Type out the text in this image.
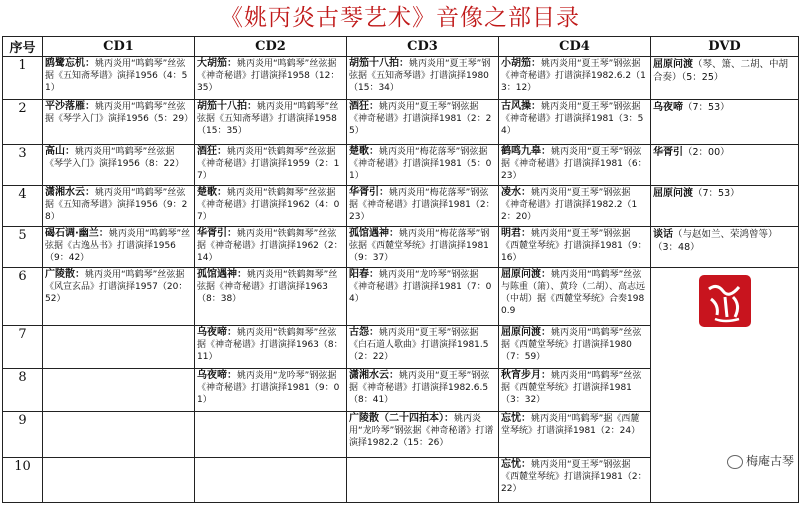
《姚丙炎古琴艺术》音像之部目录
序号	CD1	CD2	CD3	CD4	DVD
1	鸥鹭忘机：姚丙炎用“鸣鹤琴”丝弦据《五知斋琴谱》演择1956（4：51）	大胡笳：姚丙炎用“鸣鹤琴”丝弦据《神奇秘谱》打谱演择1958（12：35）	胡笳十八拍：姚丙炎用“夏王琴”钢弦据《五知斋琴谱》打谱演择1980（15：34）	小胡笳：姚丙炎用“夏王琴”钢弦据《神奇秘谱》打谱演择1982.6.2（13：12）	屈原问渡（琴、箫、二胡、中胡合奏）（5：25）

2	平沙落雁：姚丙炎用“鸣鹤琴”丝弦据《琴学入门》演择1956（5：29）	胡笳十八拍：姚丙炎用“鸣鹤琴”丝弦据《五知斋琴谱》打谱演择1958（15：35）	酒狂：姚丙炎用“夏王琴”钢弦据《神奇秘谱》打谱演择1981（2：25）	古风操：姚丙炎用“夏王琴”钢弦据《神奇秘谱》打谱演择1981（3：54）	乌夜啼（7：53）

3	高山：姚丙炎用“鸣鹤琴”丝弦据《琴学入门》演择1956（8：22）	酒狂：姚丙炎用“铁鹤舞琴”丝弦据《神奇秘谱》打谱演择1959（2：17）	楚歌：姚丙炎用“梅花落琴”钢弦据《神奇秘谱》打谱演择1981（5：01）	鹤鸣九皋：姚丙炎用“夏王琴”钢弦据《神奇秘谱》打谱演择1981（6：23）	华胥引（2：00）

4	潇湘水云：姚丙炎用“鸣鹤琴”丝弦据《五知斋琴谱》演择1956（9：28）	楚歌：姚丙炎用“铁鹤舞琴”丝弦据《神奇秘谱》打谱演择1962（4：07）	华胥引：姚丙炎用“梅花落琴”钢弦据《神奇秘谱》打谱演择1981（2：23）	凌水：姚丙炎用“夏王琴”钢弦据《神奇秘谱》打谱演择1982.2（12：20）	屈原问渡（7：53）

5	碣石调·幽兰：姚丙炎用“鸣鹤琴”丝弦据《古逸丛书》打谱演择1956（9：42）	华胥引：姚丙炎用“铁鹤舞琴”丝弦据《神奇秘谱》打谱演择1962（2：14）	孤馆遇神：姚丙炎用“梅花落琴”钢弦据《西麓堂琴统》打谱演择1981（9：37）	明君：姚丙炎用“夏王琴”钢弦据《西麓堂琴统》打谱演择1981（9：16）	谈话（与赵如兰、荣鸿曾等）（3：48）

6	广陵散：姚丙炎用“鸣鹤琴”丝弦据《风宣玄品》打谱演择1957（20：52）	孤馆遇神：姚丙炎用“铁鹤舞琴”丝弦据《神奇秘谱》打谱演择1963（8：38）	阳春：姚丙炎用“龙吟琴”钢弦据《神奇秘谱》打谱演择1981（7：04）	屈原问渡：姚丙炎用“鸣鹤琴”丝弦与陈重（箫）、黄玲（二胡）、高志远（中胡）据《西麓堂琴统》合奏1980.9

7		乌夜啼：姚丙炎用“铁鹤舞琴”丝弦据《神奇秘谱》打谱演择1963（8：11）	古怨：姚丙炎用“夏王琴”钢弦据《白石道人歌曲》打谱演择1981.5（2：22）	屈原问渡：姚丙炎用“鸣鹤琴”丝弦据《西麓堂琴统》打谱演择1980（7：59）	

8		乌夜啼：姚丙炎用“龙吟琴”钢弦据《神奇秘谱》打谱演择1981（9：01）	潇湘水云：姚丙炎用“夏王琴”钢弦据《神奇秘谱》打谱演择1982.6.5（8：41）	秋宵步月：姚丙炎用“鸣鹤琴”丝弦据《西麓堂琴统》打谱演择1981（3：32）	

9			广陵散（二十四拍本）：姚丙炎用“龙吟琴”钢弦据《神奇秘谱》打谱演择1982.2（15：26）	忘忧：姚丙炎用“鸣鹤琴”据《西麓堂琴统》打谱演择1981（2：24）	

10				忘忧：姚丙炎用“夏王琴”钢弦据《西麓堂琴统》打谱演择1981（2：22）	
梅庵古琴
